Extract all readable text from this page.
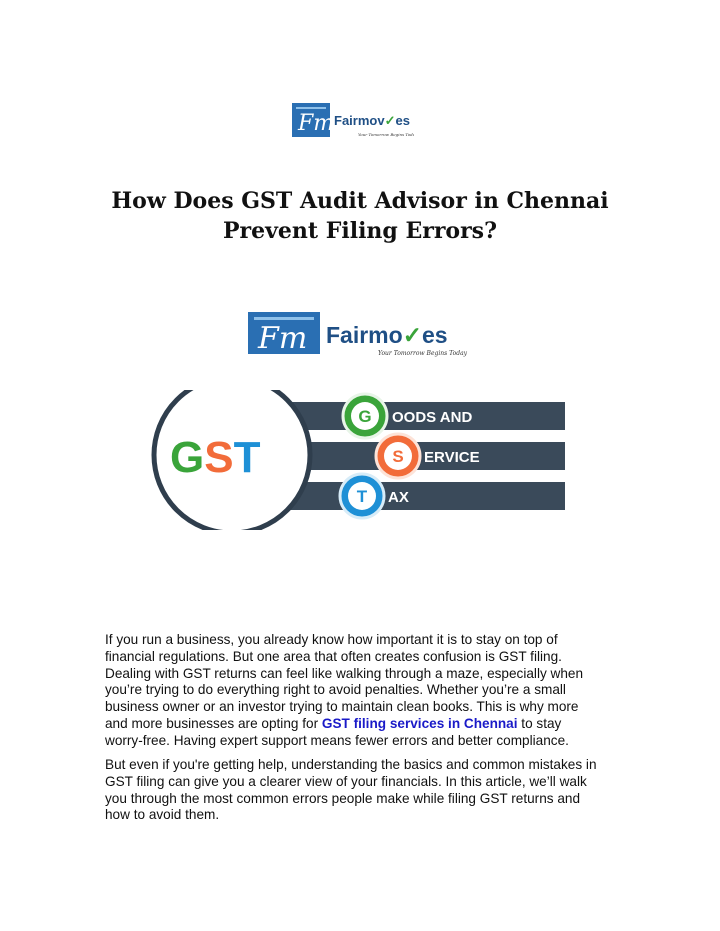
Fm Fairmov✓es
Your Tomorrow Begins Today
How Does GST Audit Advisor in Chennai
Prevent Filing Errors?
Fm Fairmo✓es
Your Tomorrow Begins Today
GST
G
S
T
OODS AND
ERVICE
AX
If you run a business, you already know how important it is to stay on top of
financial regulations. But one area that often creates confusion is GST filing.
Dealing with GST returns can feel like walking through a maze, especially when
you’re trying to do everything right to avoid penalties. Whether you’re a small
business owner or an investor trying to maintain clean books. This is why more
and more businesses are opting for GST filing services in Chennai to stay
worry-free. Having expert support means fewer errors and better compliance.
But even if you're getting help, understanding the basics and common mistakes in
GST filing can give you a clearer view of your financials. In this article, we’ll walk
you through the most common errors people make while filing GST returns and
how to avoid them.
